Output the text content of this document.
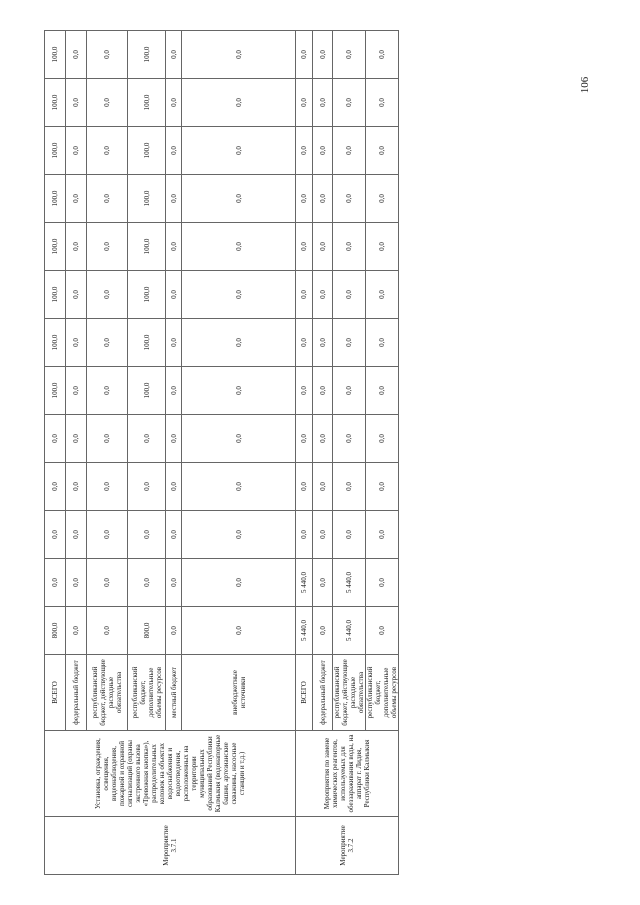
Мероприятие 3.7.1	Установка, ограждения, освещения, видеонаблюдения, пожарной и охранной сигнализаций (охраны экстренного вызова «Тревожная кнопка»), распределительных колонок на объектах водоснабжения и водоотведения, расположенных на территории муниципальных образований Республики Калмыкия (водонапорные башни, артезианские скважины, насосные станции и т.д.)	ВСЕГО	800,0	0,0	0,0	0,0	0,0	100,0	100,0	100,0	100,0	100,0	100,0	100,0	100,0
		федеральный бюджет	0,0	0,0	0,0	0,0	0,0	0,0	0,0	0,0	0,0	0,0	0,0	0,0	0,0
		республиканский бюджет, действующие расходные обязательства	0,0	0,0	0,0	0,0	0,0	0,0	0,0	0,0	0,0	0,0	0,0	0,0	0,0
		республиканский бюджет, дополнительные объемы ресурсов	800,0	0,0	0,0	0,0	0,0	100,0	100,0	100,0	100,0	100,0	100,0	100,0	100,0
		местный бюджет	0,0	0,0	0,0	0,0	0,0	0,0	0,0	0,0	0,0	0,0	0,0	0,0	0,0
		внебюджетные источники	0,0	0,0	0,0	0,0	0,0	0,0	0,0	0,0	0,0	0,0	0,0	0,0	0,0
Мероприятие 3.7.2	Мероприятия по замене химических реагентов, используемых для обеззараживания воды, на аппарат г. Лидия, Республики Калмыкия	ВСЕГО	5 440,0	5 440,0	0,0	0,0	0,0	0,0	0,0	0,0	0,0	0,0	0,0	0,0	0,0
		федеральный бюджет	0,0	0,0	0,0	0,0	0,0	0,0	0,0	0,0	0,0	0,0	0,0	0,0	0,0
		республиканский бюджет, действующие расходные обязательства	5 440,0	5 440,0	0,0	0,0	0,0	0,0	0,0	0,0	0,0	0,0	0,0	0,0	0,0
		республиканский бюджет, дополнительные объемы ресурсов	0,0	0,0	0,0	0,0	0,0	0,0	0,0	0,0	0,0	0,0	0,0	0,0	0,0
106
